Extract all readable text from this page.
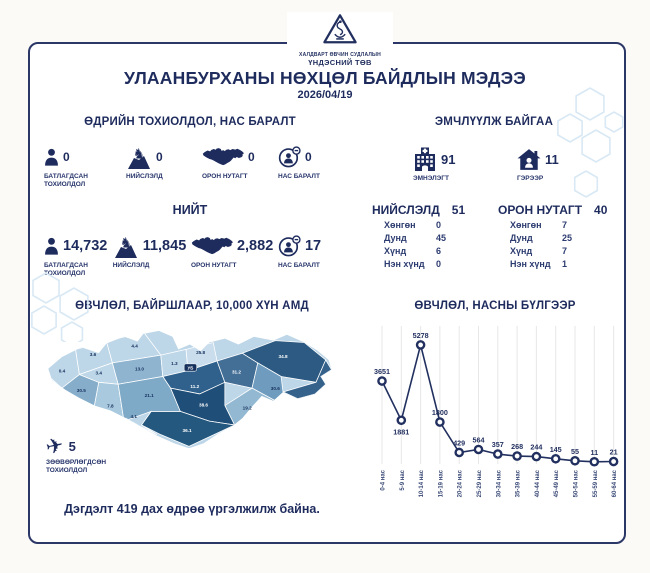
ХАЛДВАРТ ӨВЧИН СУДЛАЛЫН
ҮНДЭСНИЙ ТӨВ
УЛААНБУРХАНЫ НӨХЦӨЛ БАЙДЛЫН МЭДЭЭ
2026/04/19
ӨДРИЙН ТОХИОЛДОЛ, НАС БАРАЛТ
0
БАТЛАГДСАН ТОХИОЛДОЛ
♞ 0
НИЙСЛЭЛД
0
ОРОН НУТАГТ
0
НАС БАРАЛТ
НИЙТ
14,732
БАТЛАГДСАН ТОХИОЛДОЛ
♞ 11,845
НИЙСЛЭЛД
2,882
ОРОН НУТАГТ
17
НАС БАРАЛТ
ЭМЧЛҮҮЛЖ БАЙГАА
91
ЭМНЭЛЭГТ
11
ГЭРЭЭР
НИЙСЛЭЛД 51
Хөнгөн	0
Дунд	45
Хүнд	6
Нэн хүнд	0
ОРОН НУТАГТ 40
Хөнгөн	7
Дунд	25
Хүнд	7
Нэн хүнд	1
ӨВЧЛӨЛ, БАЙРШЛААР, 10,000 ХҮН АМД
0.4
3.6
30.5
3.4
7.8
4.4
13.0
1.3
25.8
11.2
31.2
34.8
30.6
19.2
38.6
36.1
21.1
4.1
УБ
✈ 5
ЗӨӨВӨРЛӨГДСӨН ТОХИОЛДОЛ
Дэгдэлт 419 дах өдрөө үргэлжилж байна.
ӨВЧЛӨЛ, НАСНЫ БҮЛГЭЭР
3651
1881
5278
1800
429 564
357 268 244 145 55 11 21
0-4 нас 5-9 нас 10-14 нас 15-19 нас 20-24 нас 25-29 нас 30-34 нас 35-39 нас 40-44 нас 45-49 нас 50-54 нас 55-59 нас 60-64 нас
